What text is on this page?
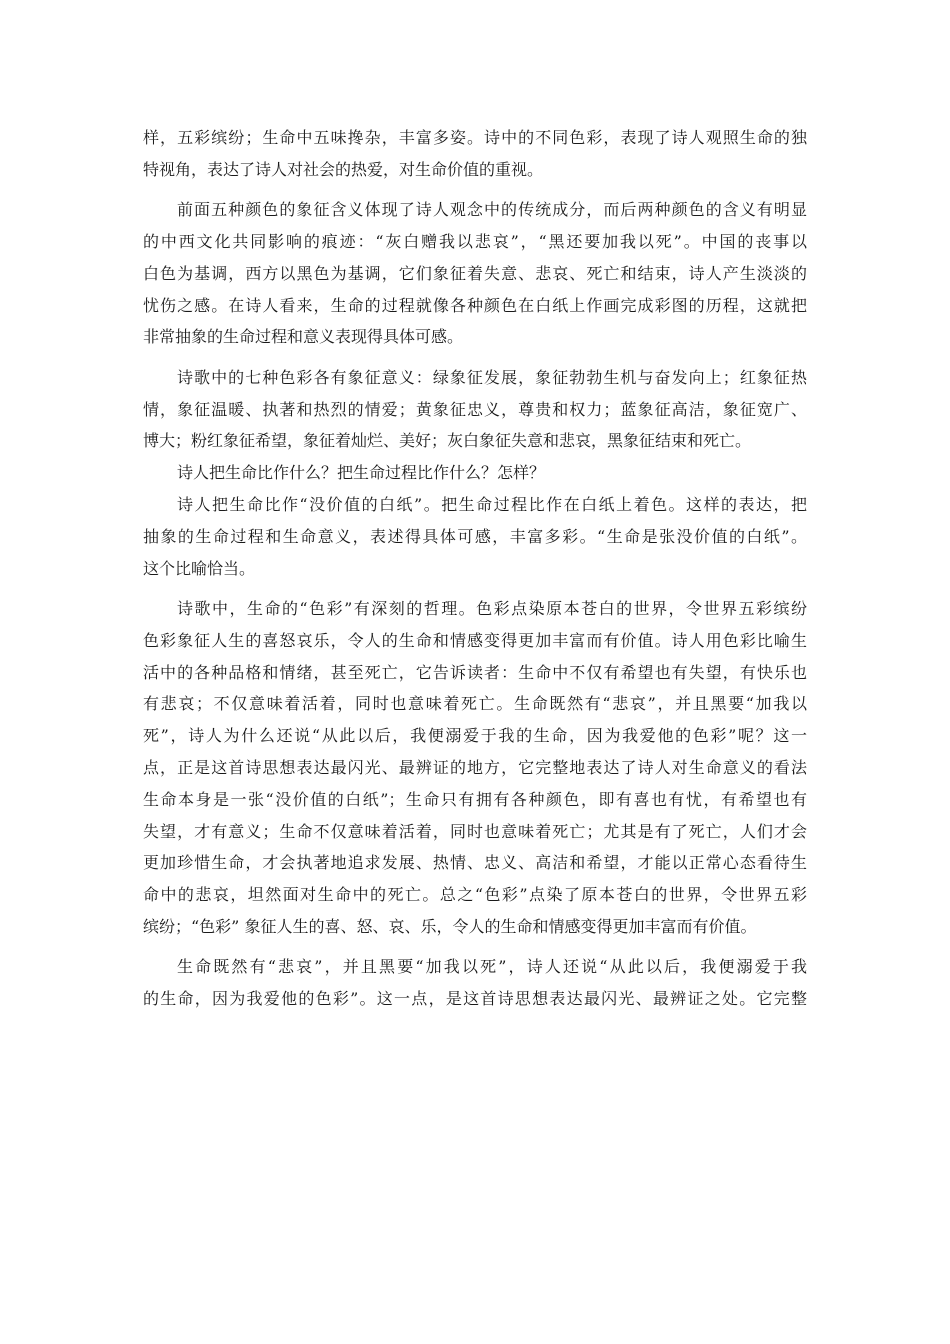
样，五彩缤纷；生命中五味搀杂，丰富多姿。诗中的不同色彩，表现了诗人观照生命的独
特视角，表达了诗人对社会的热爱，对生命价值的重视。
前面五种颜色的象征含义体现了诗人观念中的传统成分，而后两种颜色的含义有明显
的中西文化共同影响的痕迹：“灰白赠我以悲哀”，“黑还要加我以死”。中国的丧事以
白色为基调，西方以黑色为基调，它们象征着失意、悲哀、死亡和结束，诗人产生淡淡的
忧伤之感。在诗人看来，生命的过程就像各种颜色在白纸上作画完成彩图的历程，这就把
非常抽象的生命过程和意义表现得具体可感。
诗歌中的七种色彩各有象征意义：绿象征发展，象征勃勃生机与奋发向上；红象征热
情，象征温暖、执著和热烈的情爱；黄象征忠义，尊贵和权力；蓝象征高洁，象征宽广、
博大；粉红象征希望，象征着灿烂、美好；灰白象征失意和悲哀，黑象征结束和死亡。
诗人把生命比作什么？把生命过程比作什么？怎样？
诗人把生命比作“没价值的白纸”。把生命过程比作在白纸上着色。这样的表达，把
抽象的生命过程和生命意义，表述得具体可感，丰富多彩。“生命是张没价值的白纸”。
这个比喻恰当。
诗歌中，生命的“色彩”有深刻的哲理。色彩点染原本苍白的世界，令世界五彩缤纷
色彩象征人生的喜怒哀乐，令人的生命和情感变得更加丰富而有价值。诗人用色彩比喻生
活中的各种品格和情绪，甚至死亡，它告诉读者：生命中不仅有希望也有失望，有快乐也
有悲哀；不仅意味着活着，同时也意味着死亡。生命既然有“悲哀”，并且黑要“加我以
死”，诗人为什么还说“从此以后，我便溺爱于我的生命，因为我爱他的色彩”呢？这一
点，正是这首诗思想表达最闪光、最辨证的地方，它完整地表达了诗人对生命意义的看法
生命本身是一张“没价值的白纸”；生命只有拥有各种颜色，即有喜也有忧，有希望也有
失望，才有意义；生命不仅意味着活着，同时也意味着死亡；尤其是有了死亡，人们才会
更加珍惜生命，才会执著地追求发展、热情、忠义、高洁和希望，才能以正常心态看待生
命中的悲哀，坦然面对生命中的死亡。总之“色彩”点染了原本苍白的世界，令世界五彩
缤纷；“色彩” 象征人生的喜、怒、哀、乐，令人的生命和情感变得更加丰富而有价值。
生命既然有“悲哀”，并且黑要“加我以死”，诗人还说“从此以后，我便溺爱于我
的生命，因为我爱他的色彩”。这一点，是这首诗思想表达最闪光、最辨证之处。它完整
